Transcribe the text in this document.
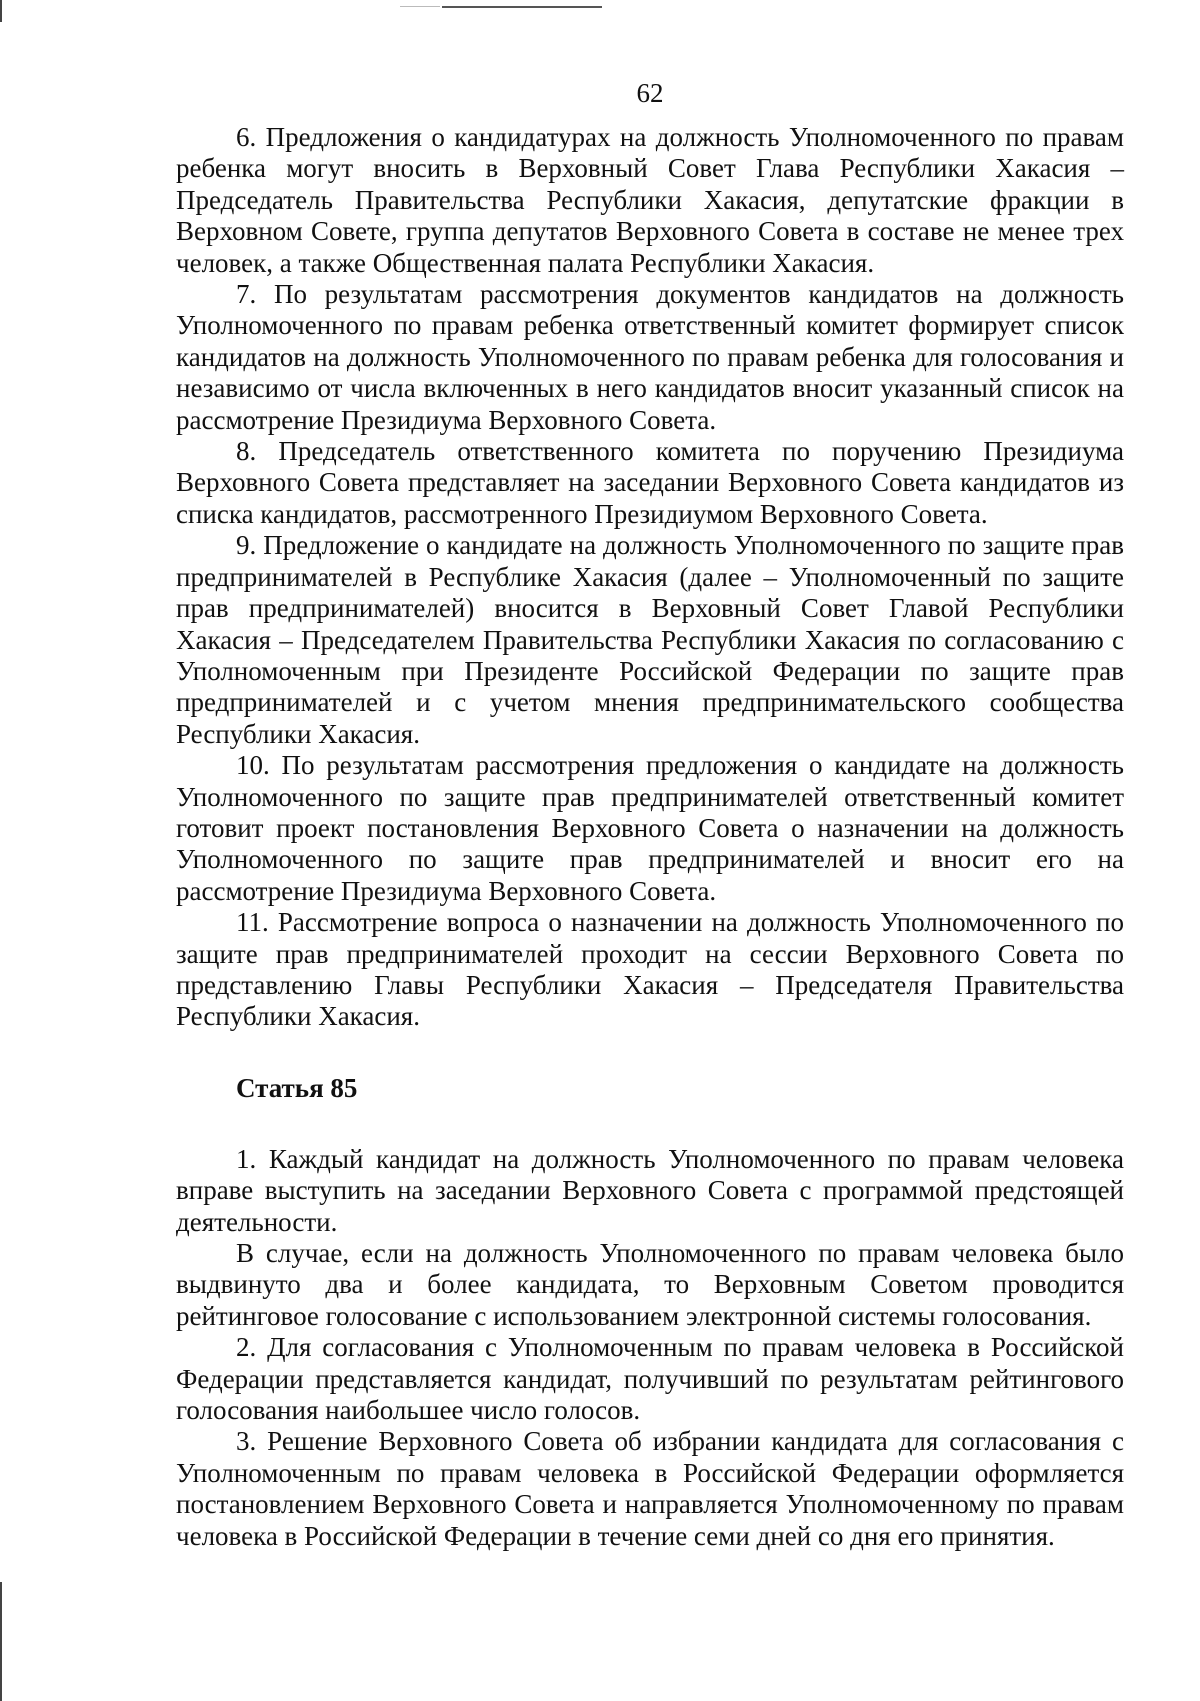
62

6. Предложения о кандидатурах на должность Уполномоченного по правам ребенка могут вносить в Верховный Совет Глава Республики Хакасия – Председатель Правительства Республики Хакасия, депутатские фракции в Верховном Совете, группа депутатов Верховного Совета в составе не менее трех человек, а также Общественная палата Республики Хакасия.

7. По результатам рассмотрения документов кандидатов на должность Уполномоченного по правам ребенка ответственный комитет формирует список кандидатов на должность Уполномоченного по правам ребенка для голосования и независимо от числа включенных в него кандидатов вносит указанный список на рассмотрение Президиума Верховного Совета.

8. Председатель ответственного комитета по поручению Президиума Верховного Совета представляет на заседании Верховного Совета кандидатов из списка кандидатов, рассмотренного Президиумом Верховного Совета.

9. Предложение о кандидате на должность Уполномоченного по защите прав предпринимателей в Республике Хакасия (далее – Уполномоченный по защите прав предпринимателей) вносится в Верховный Совет Главой Республики Хакасия – Председателем Правительства Республики Хакасия по согласованию с Уполномоченным при Президенте Российской Федерации по защите прав предпринимателей и с учетом мнения предпринимательского сообщества Республики Хакасия.

10. По результатам рассмотрения предложения о кандидате на должность Уполномоченного по защите прав предпринимателей ответственный комитет готовит проект постановления Верховного Совета о назначении на должность Уполномоченного по защите прав предпринимателей и вносит его на рассмотрение Президиума Верховного Совета.

11. Рассмотрение вопроса о назначении на должность Уполномоченного по защите прав предпринимателей проходит на сессии Верховного Совета по представлению Главы Республики Хакасия – Председателя Правительства Республики Хакасия.

Статья 85

1. Каждый кандидат на должность Уполномоченного по правам человека вправе выступить на заседании Верховного Совета с программой предстоящей деятельности.

В случае, если на должность Уполномоченного по правам человека было выдвинуто два и более кандидата, то Верховным Советом проводится рейтинговое голосование с использованием электронной системы голосования.

2. Для согласования с Уполномоченным по правам человека в Российской Федерации представляется кандидат, получивший по результатам рейтингового голосования наибольшее число голосов.

3. Решение Верховного Совета об избрании кандидата для согласования с Уполномоченным по правам человека в Российской Федерации оформляется постановлением Верховного Совета и направляется Уполномоченному по правам человека в Российской Федерации в течение семи дней со дня его принятия.
